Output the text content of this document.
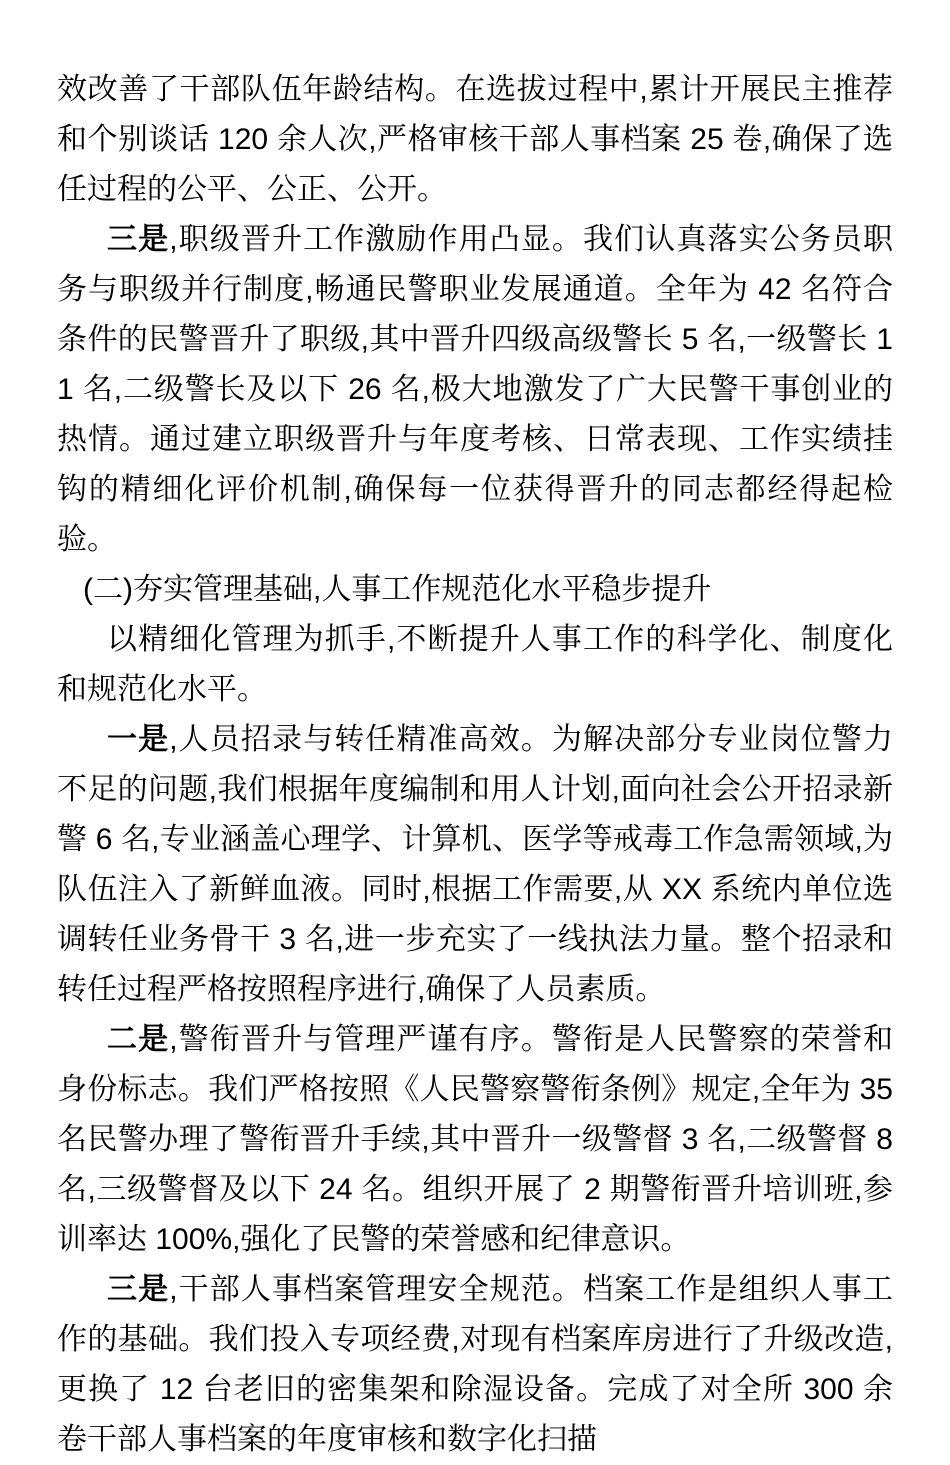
效改善了干部队伍年龄结构。在选拔过程中,累计开展民主推荐和个别谈话 120 余人次,严格审核干部人事档案 25 卷,确保了选任过程的公平、公正、公开。

三是,职级晋升工作激励作用凸显。我们认真落实公务员职务与职级并行制度,畅通民警职业发展通道。全年为 42 名符合条件的民警晋升了职级,其中晋升四级高级警长 5 名,一级警长 11 名,二级警长及以下 26 名,极大地激发了广大民警干事创业的热情。通过建立职级晋升与年度考核、日常表现、工作实绩挂钩的精细化评价机制,确保每一位获得晋升的同志都经得起检验。

(二)夯实管理基础,人事工作规范化水平稳步提升

以精细化管理为抓手,不断提升人事工作的科学化、制度化和规范化水平。

一是,人员招录与转任精准高效。为解决部分专业岗位警力不足的问题,我们根据年度编制和用人计划,面向社会公开招录新警 6 名,专业涵盖心理学、计算机、医学等戒毒工作急需领域,为队伍注入了新鲜血液。同时,根据工作需要,从 XX 系统内单位选调转任业务骨干 3 名,进一步充实了一线执法力量。整个招录和转任过程严格按照程序进行,确保了人员素质。

二是,警衔晋升与管理严谨有序。警衔是人民警察的荣誉和身份标志。我们严格按照《人民警察警衔条例》规定,全年为 35 名民警办理了警衔晋升手续,其中晋升一级警督 3 名,二级警督 8 名,三级警督及以下 24 名。组织开展了 2 期警衔晋升培训班,参训率达 100%,强化了民警的荣誉感和纪律意识。

三是,干部人事档案管理安全规范。档案工作是组织人事工作的基础。我们投入专项经费,对现有档案库房进行了升级改造,更换了 12 台老旧的密集架和除湿设备。完成了对全所 300 余卷干部人事档案的年度审核和数字化扫描
